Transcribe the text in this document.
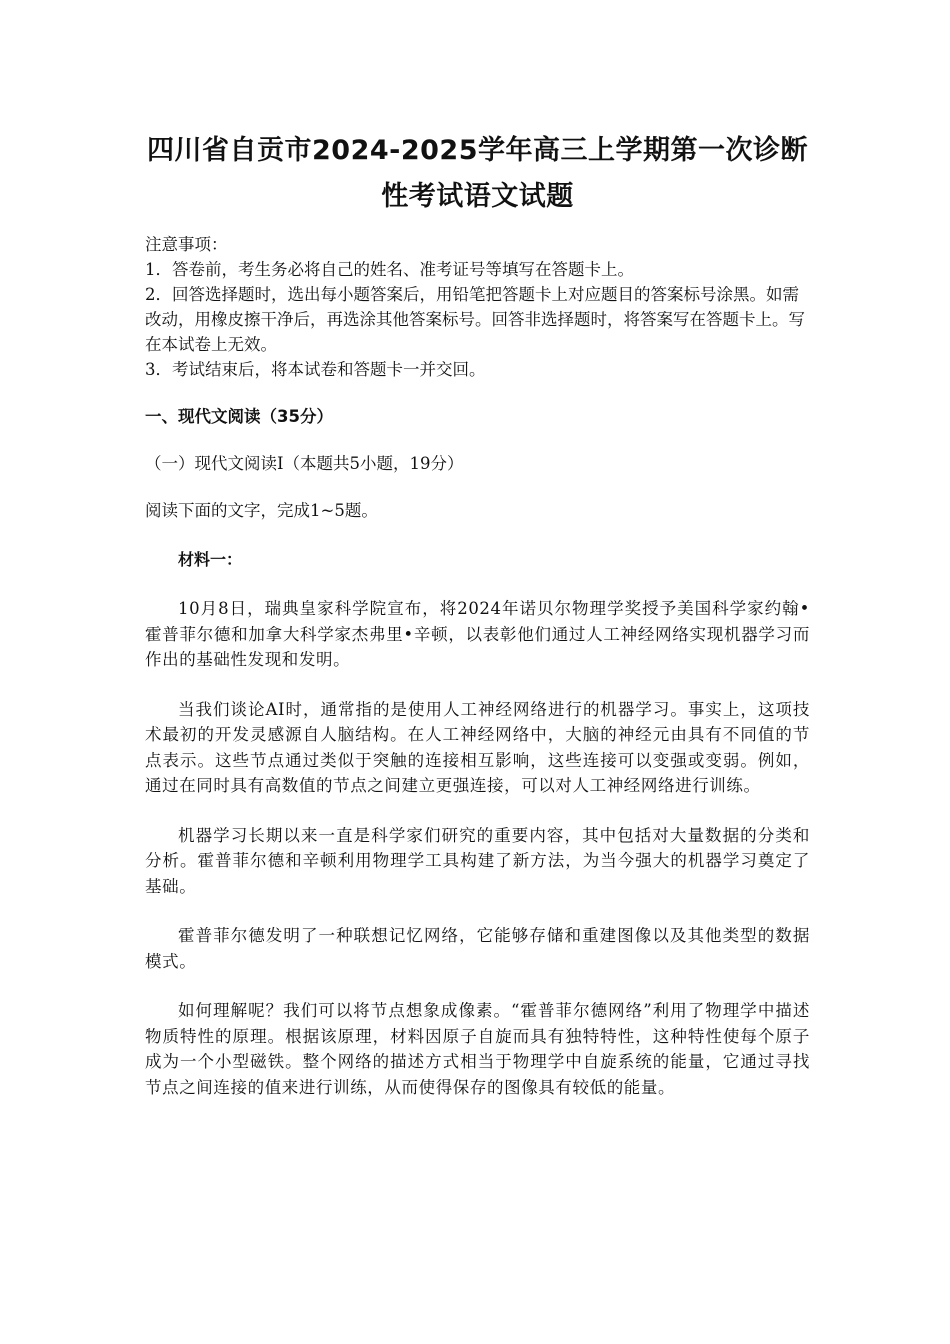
四川省自贡市2024-2025学年高三上学期第一次诊断
性考试语文试题
注意事项：
1．答卷前，考生务必将自己的姓名、准考证号等填写在答题卡上。
2．回答选择题时，选出每小题答案后，用铅笔把答题卡上对应题目的答案标号涂黑。如需改动，用橡皮擦干净后，再选涂其他答案标号。回答非选择题时，将答案写在答题卡上。写在本试卷上无效。
3．考试结束后，将本试卷和答题卡一并交回。
一、现代文阅读（35分）
（一）现代文阅读Ⅰ（本题共5小题，19分）
阅读下面的文字，完成1~5题。
材料一：

10月8日，瑞典皇家科学院宣布，将2024年诺贝尔物理学奖授予美国科学家约翰•霍普菲尔德和加拿大科学家杰弗里•辛顿，以表彰他们通过人工神经网络实现机器学习而作出的基础性发现和发明。

当我们谈论AI时，通常指的是使用人工神经网络进行的机器学习。事实上，这项技术最初的开发灵感源自人脑结构。在人工神经网络中，大脑的神经元由具有不同值的节点表示。这些节点通过类似于突触的连接相互影响，这些连接可以变强或变弱。例如，通过在同时具有高数值的节点之间建立更强连接，可以对人工神经网络进行训练。

机器学习长期以来一直是科学家们研究的重要内容，其中包括对大量数据的分类和分析。霍普菲尔德和辛顿利用物理学工具构建了新方法，为当今强大的机器学习奠定了基础。

霍普菲尔德发明了一种联想记忆网络，它能够存储和重建图像以及其他类型的数据模式。

如何理解呢？我们可以将节点想象成像素。“霍普菲尔德网络”利用了物理学中描述物质特性的原理。根据该原理，材料因原子自旋而具有独特特性，这种特性使每个原子成为一个小型磁铁。整个网络的描述方式相当于物理学中自旋系统的能量，它通过寻找节点之间连接的值来进行训练，从而使得保存的图像具有较低的能量。
